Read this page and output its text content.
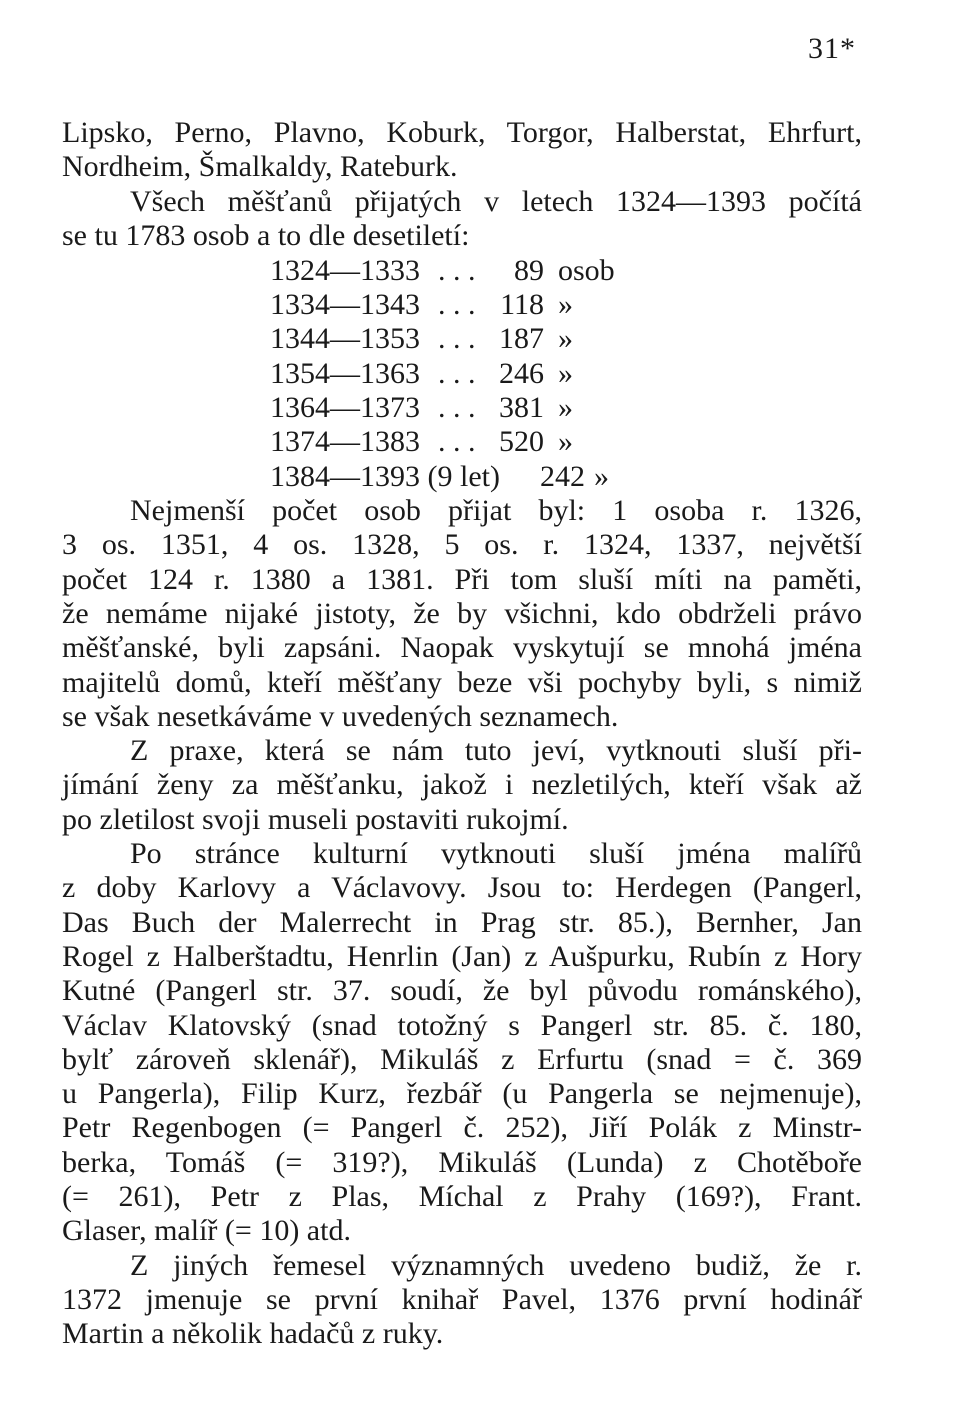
31*
Lipsko, Perno, Plavno, Koburk, Torgor, Halberstat, Ehrfurt,
Nordheim, Šmalkaldy, Rateburk.
Všech měšťanů přijatých v letech 1324—1393 počítá
se tu 1783 osob a to dle desetiletí:
1324—1333 . . . 89 osob
1334—1343 . . . 118 »
1344—1353 . . . 187 »
1354—1363 . . . 246 »
1364—1373 . . . 381 »
1374—1383 . . . 520 »
1384—1393 (9 let) 242 »
Nejmenší počet osob přijat byl: 1 osoba r. 1326,
3 os. 1351, 4 os. 1328, 5 os. r. 1324, 1337, největší
počet 124 r. 1380 a 1381. Při tom sluší míti na paměti,
že nemáme nijaké jistoty, že by všichni, kdo obdrželi právo
měšťanské, byli zapsáni. Naopak vyskytují se mnohá jména
majitelů domů, kteří měšťany beze vši pochyby byli, s nimiž
se však nesetkáváme v uvedených seznamech.
Z praxe, která se nám tuto jeví, vytknouti sluší při-
jímání ženy za měšťanku, jakož i nezletilých, kteří však až
po zletilost svoji museli postaviti rukojmí.
Po stránce kulturní vytknouti sluší jména malířů
z doby Karlovy a Václavovy. Jsou to: Herdegen (Pangerl,
Das Buch der Malerrecht in Prag str. 85.), Bernher, Jan
Rogel z Halberštadtu, Henrlin (Jan) z Aušpurku, Rubín z Hory
Kutné (Pangerl str. 37. soudí, že byl původu románského),
Václav Klatovský (snad totožný s Pangerl str. 85. č. 180,
bylť zároveň sklenář), Mikuláš z Erfurtu (snad = č. 369
u Pangerla), Filip Kurz, řezbář (u Pangerla se nejmenuje),
Petr Regenbogen (= Pangerl č. 252), Jiří Polák z Minstr-
berka, Tomáš (= 319?), Mikuláš (Lunda) z Chotěboře
(= 261), Petr z Plas, Míchal z Prahy (169?), Frant.
Glaser, malíř (= 10) atd.
Z jiných řemesel významných uvedeno budiž, že r.
1372 jmenuje se první knihař Pavel, 1376 první hodinář
Martin a několik hadačů z ruky.
